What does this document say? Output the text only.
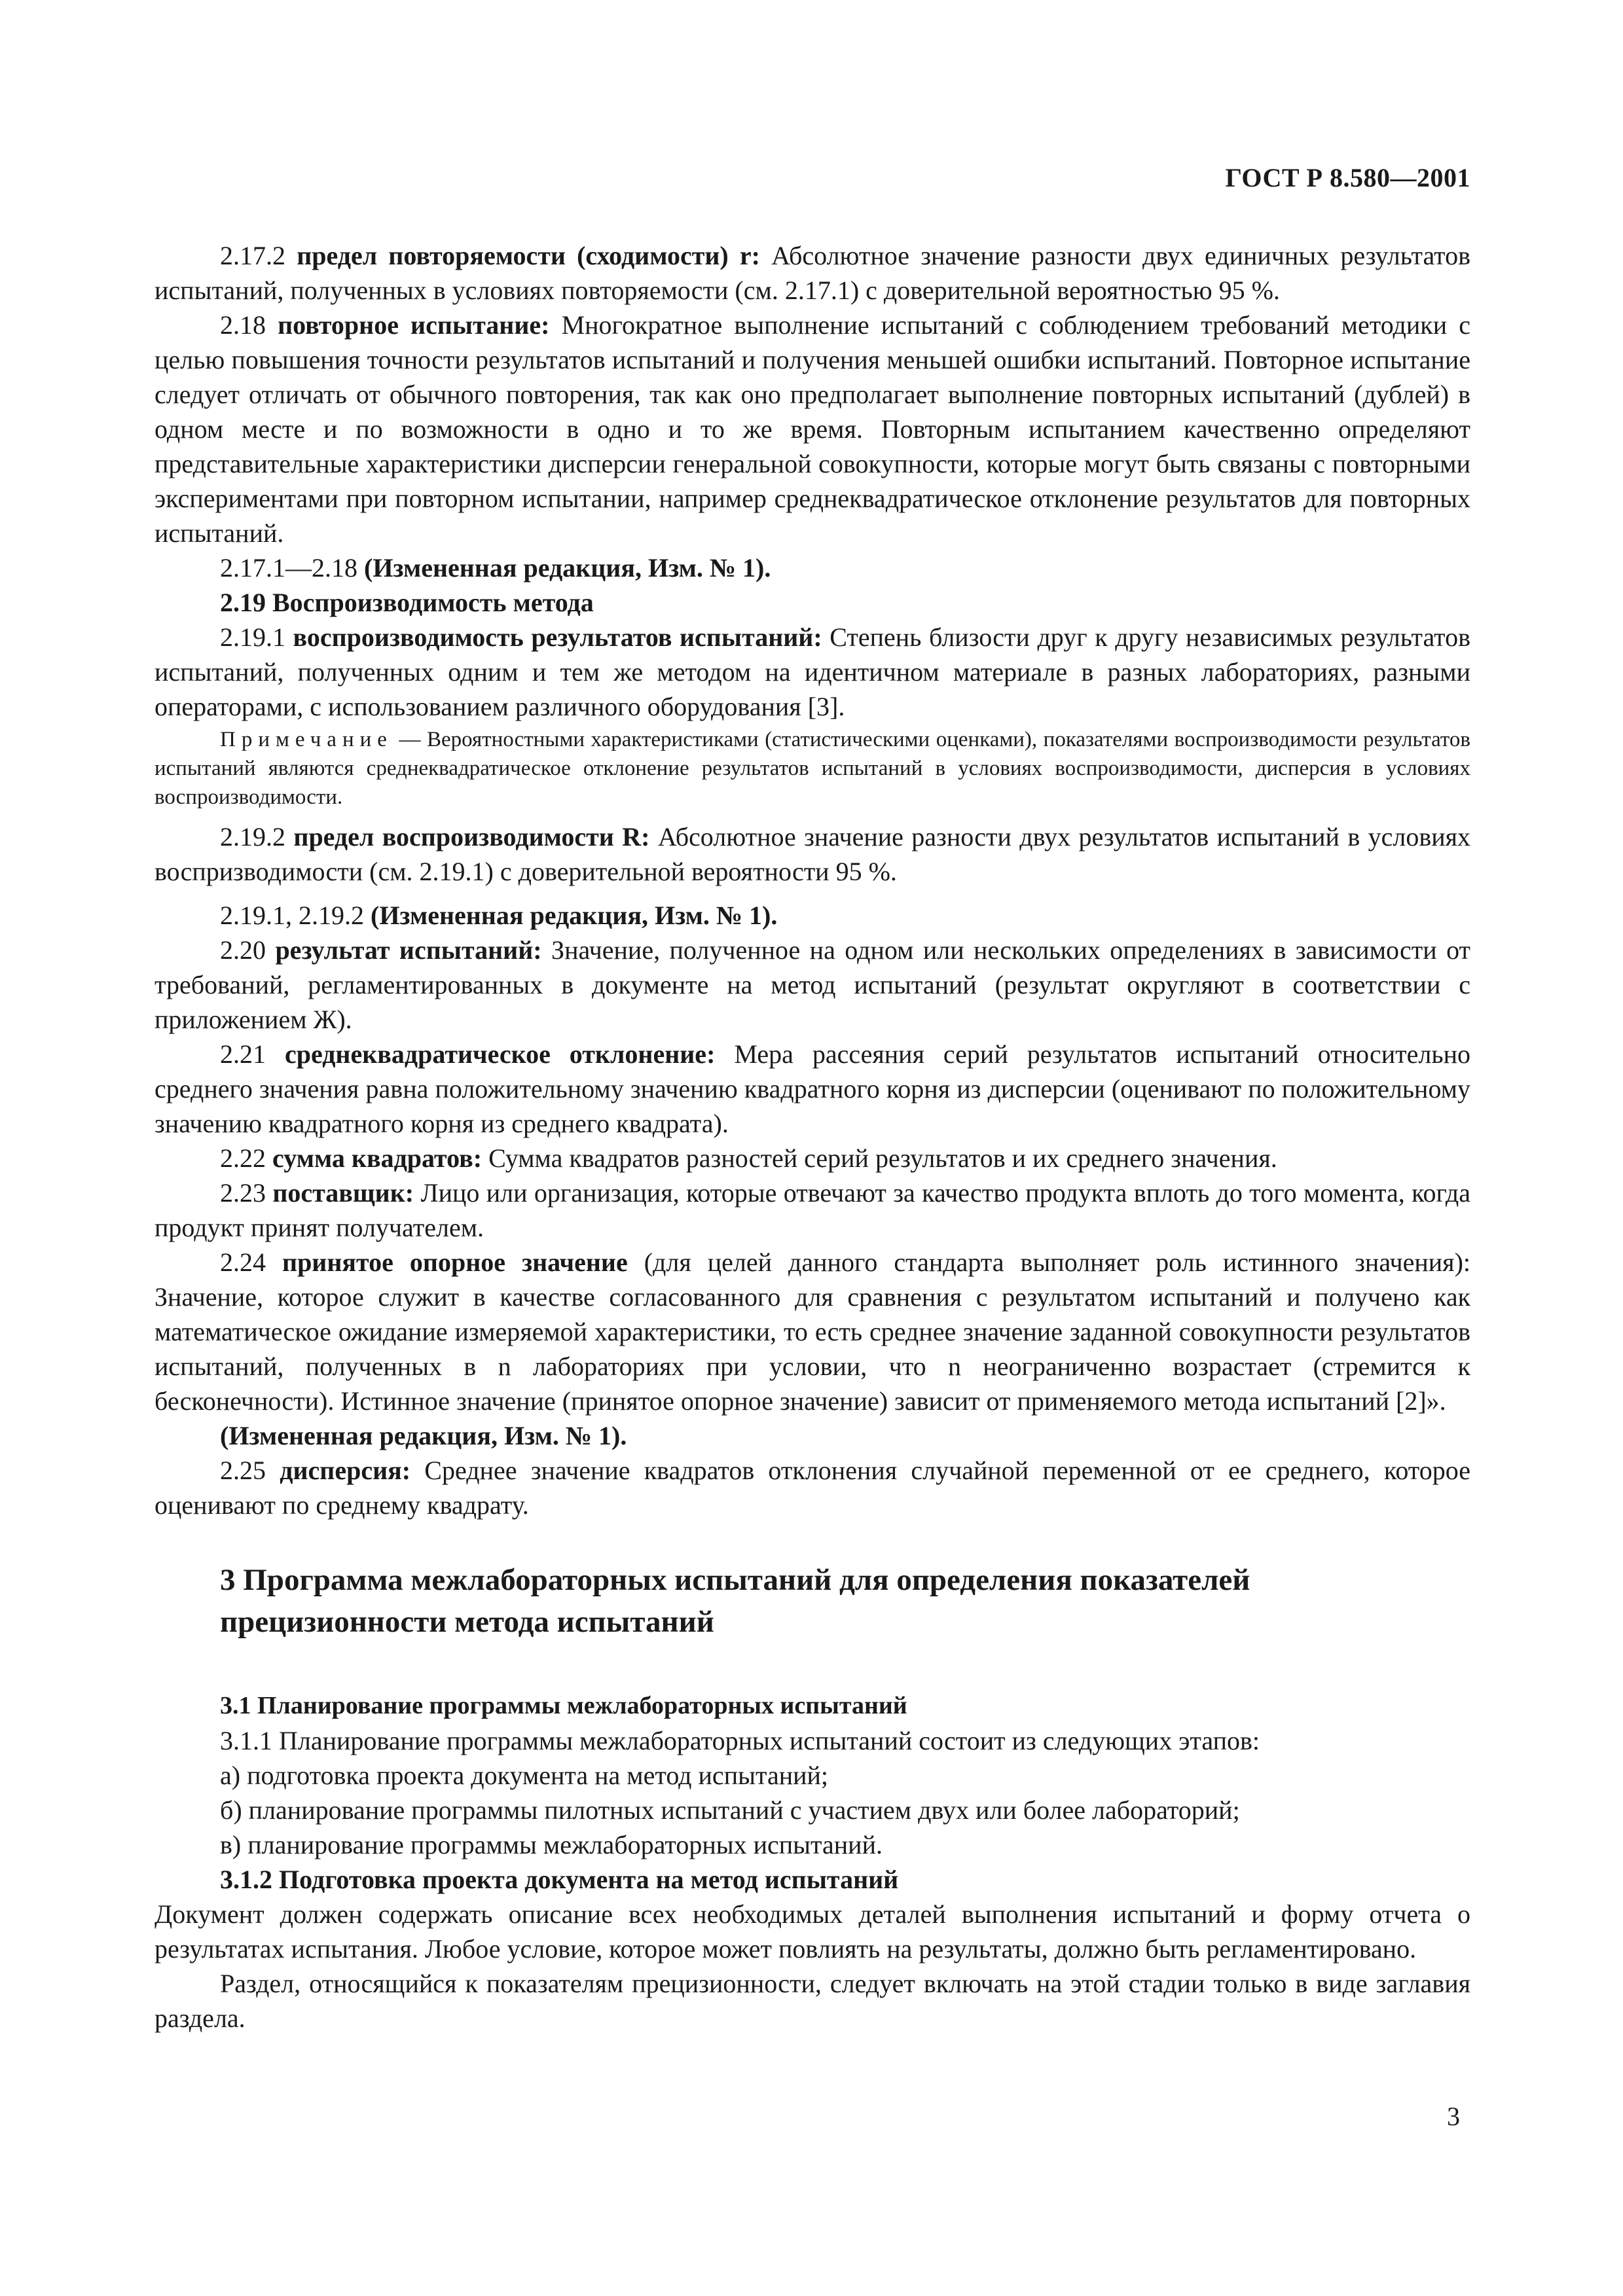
ГОСТ Р 8.580—2001

2.17.2 предел повторяемости (сходимости) r: Абсолютное значение разности двух единичных результатов испытаний, полученных в условиях повторяемости (см. 2.17.1) с доверительной вероятностью 95 %.

2.18 повторное испытание: Многократное выполнение испытаний с соблюдением требований методики с целью повышения точности результатов испытаний и получения меньшей ошибки испытаний. Повторное испытание следует отличать от обычного повторения, так как оно предполагает выполнение повторных испытаний (дублей) в одном месте и по возможности в одно и то же время. Повторным испытанием качественно определяют представительные характеристики дисперсии генеральной совокупности, которые могут быть связаны с повторными экспериментами при повторном испытании, например среднеквадратическое отклонение результатов для повторных испытаний.

2.17.1—2.18 (Измененная редакция, Изм. № 1).

2.19 Воспроизводимость метода

2.19.1 воспроизводимость результатов испытаний: Степень близости друг к другу независимых результатов испытаний, полученных одним и тем же методом на идентичном материале в разных лабораториях, разными операторами, с использованием различного оборудования [3].

Примечание — Вероятностными характеристиками (статистическими оценками), показателями воспроизводимости результатов испытаний являются среднеквадратическое отклонение результатов испытаний в условиях воспроизводимости, дисперсия в условиях воспроизводимости.

2.19.2 предел воспроизводимости R: Абсолютное значение разности двух результатов испытаний в условиях воспризводимости (см. 2.19.1) с доверительной вероятности 95 %.

2.19.1, 2.19.2 (Измененная редакция, Изм. № 1).

2.20 результат испытаний: Значение, полученное на одном или нескольких определениях в зависимости от требований, регламентированных в документе на метод испытаний (результат округляют в соответствии с приложением Ж).

2.21 среднеквадратическое отклонение: Мера рассеяния серий результатов испытаний относительно среднего значения равна положительному значению квадратного корня из дисперсии (оценивают по положительному значению квадратного корня из среднего квадрата).

2.22 сумма квадратов: Сумма квадратов разностей серий результатов и их среднего значения.

2.23 поставщик: Лицо или организация, которые отвечают за качество продукта вплоть до того момента, когда продукт принят получателем.

2.24 принятое опорное значение (для целей данного стандарта выполняет роль истинного значения): Значение, которое служит в качестве согласованного для сравнения с результатом испытаний и получено как математическое ожидание измеряемой характеристики, то есть среднее значение заданной совокупности результатов испытаний, полученных в n лабораториях при условии, что n неограниченно возрастает (стремится к бесконечности). Истинное значение (принятое опорное значение) зависит от применяемого метода испытаний [2]».

(Измененная редакция, Изм. № 1).

2.25 дисперсия: Среднее значение квадратов отклонения случайной переменной от ее среднего, которое оценивают по среднему квадрату.

3 Программа межлабораторных испытаний для определения показателей прецизионности метода испытаний

3.1 Планирование программы межлабораторных испытаний

3.1.1 Планирование программы межлабораторных испытаний состоит из следующих этапов:

а) подготовка проекта документа на метод испытаний;

б) планирование программы пилотных испытаний с участием двух или более лабораторий;

в) планирование программы межлабораторных испытаний.

3.1.2 Подготовка проекта документа на метод испытаний

Документ должен содержать описание всех необходимых деталей выполнения испытаний и форму отчета о результатах испытания. Любое условие, которое может повлиять на результаты, должно быть регламентировано.

Раздел, относящийся к показателям прецизионности, следует включать на этой стадии только в виде заглавия раздела.

3
